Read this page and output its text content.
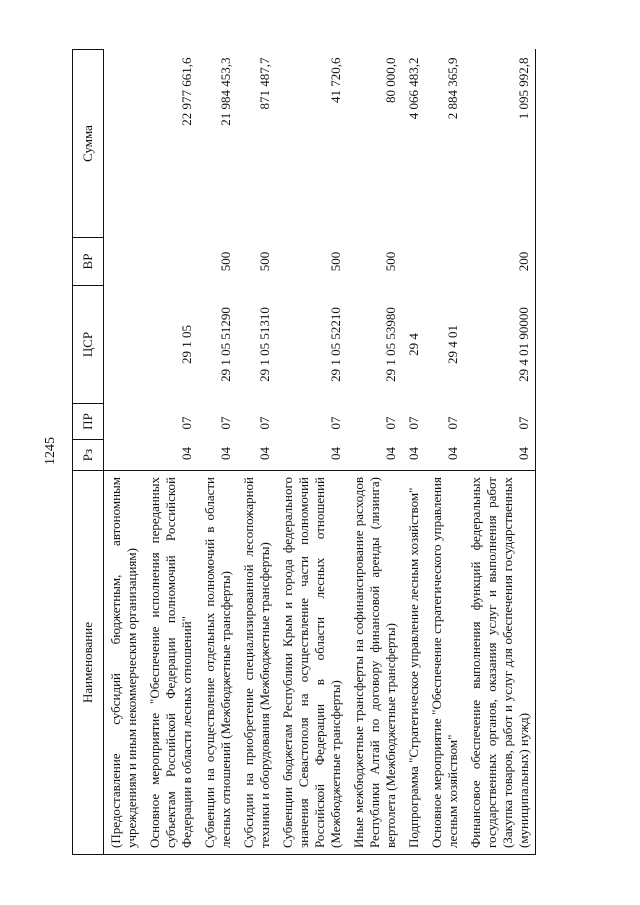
1245
Наименование	Рз	ПР	ЦСР	ВР	Сумма
(Предоставление субсидий бюджетным, автономным учреждениям и иным некоммерческим организациям)					
Основное мероприятие "Обеспечение исполнения переданных субъектам Российской Федерации полномочий Российской Федерации в области лесных отношений"	04	07	29 1 05		22 977 661,6
Субвенции на осуществление отдельных полномочий в области лесных отношений (Межбюджетные трансферты)	04	07	29 1 05 51290	500	21 984 453,3
Субсидии на приобретение специализированной лесопожарной техники и оборудования (Межбюджетные трансферты)	04	07	29 1 05 51310	500	871 487,7
Субвенции бюджетам Республики Крым и города федерального значения Севастополя на осуществление части полномочий Российской Федерации в области лесных отношений (Межбюджетные трансферты)	04	07	29 1 05 52210	500	41 720,6
Иные межбюджетные трансферты на софинансирование расходов Республики Алтай по договору финансовой аренды (лизинга) вертолета (Межбюджетные трансферты)	04	07	29 1 05 53980	500	80 000,0
Подпрограмма "Стратегическое управление лесным хозяйством"	04	07	29 4		4 066 483,2
Основное мероприятие "Обеспечение стратегического управления лесным хозяйством"	04	07	29 4 01		2 884 365,9
Финансовое обеспечение выполнения функций федеральных государственных органов, оказания услуг и выполнения работ (Закупка товаров, работ и услуг для обеспечения государственных (муниципальных) нужд)	04	07	29 4 01 90000	200	1 095 992,8
